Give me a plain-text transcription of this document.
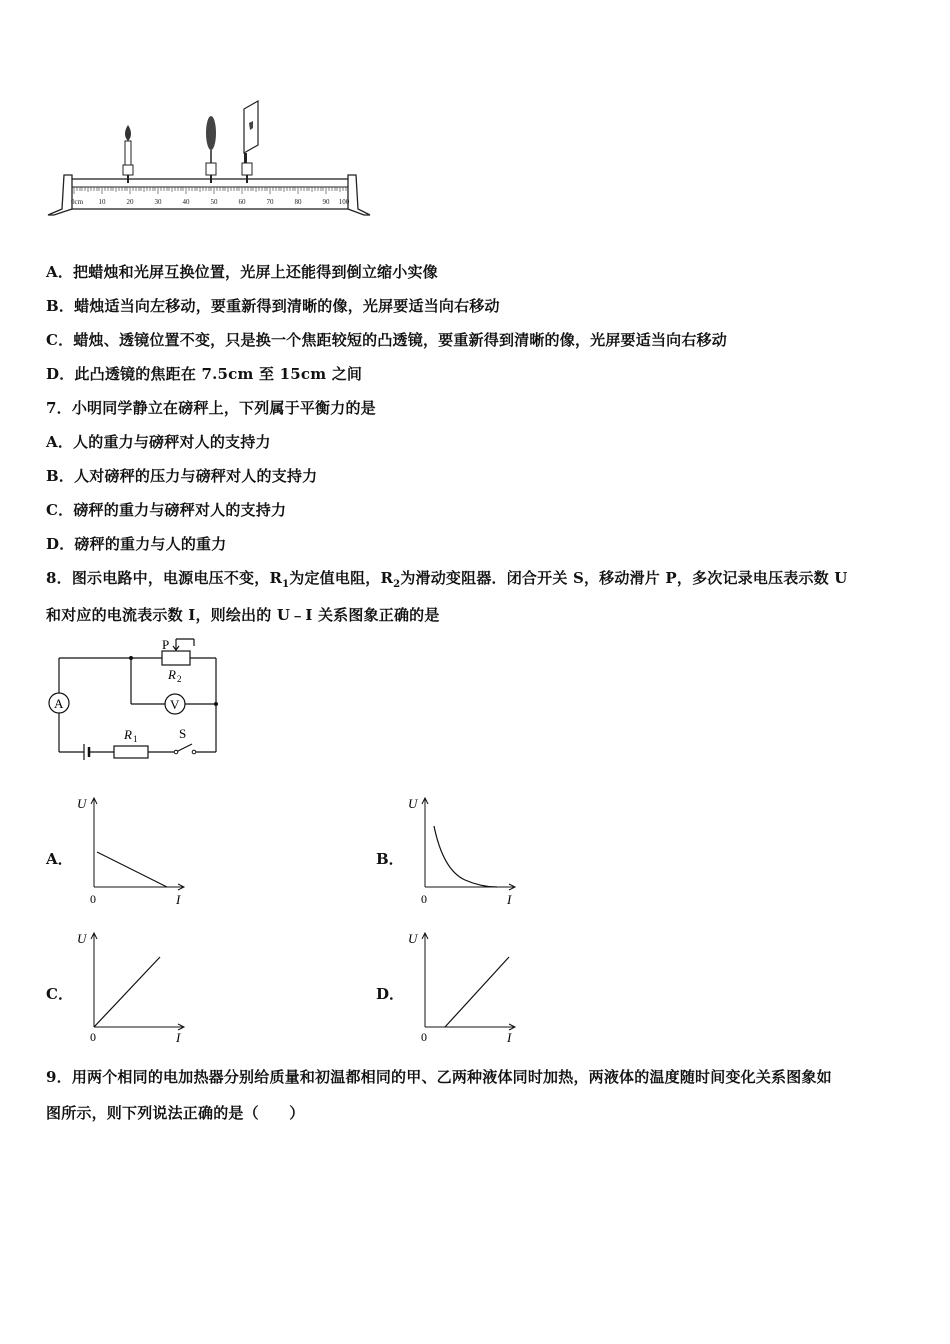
0cm 10	20	30	40	50	60	70	80	90 100
A．把蜡烛和光屏互换位置，光屏上还能得到倒立缩小实像
B．蜡烛适当向左移动，要重新得到清晰的像，光屏要适当向右移动
C．蜡烛、透镜位置不变，只是换一个焦距较短的凸透镜，要重新得到清晰的像，光屏要适当向右移动
D．此凸透镜的焦距在 7.5cm 至 15cm 之间
7．小明同学静立在磅秤上，下列属于平衡力的是
A．人的重力与磅秤对人的支持力
B．人对磅秤的压力与磅秤对人的支持力
C．磅秤的重力与磅秤对人的支持力
D．磅秤的重力与人的重力
8．图示电路中，电源电压不变，$R_1$为定值电阻，$R_2$为滑动变阻器．闭合开关 S，移动滑片 P，多次记录电压表示数 U
和对应的电流表示数 I，则绘出的 U﹣I 关系图象正确的是
P
R 2
A	V
R 1	S
A．
U
I
0
B．
U
I
0
C．
U
I
0
D．
U
I
0
9．用两个相同的电加热器分别给质量和初温都相同的甲、乙两种液体同时加热，两液体的温度随时间变化关系图象如
图所示，则下列说法正确的是（　　）
